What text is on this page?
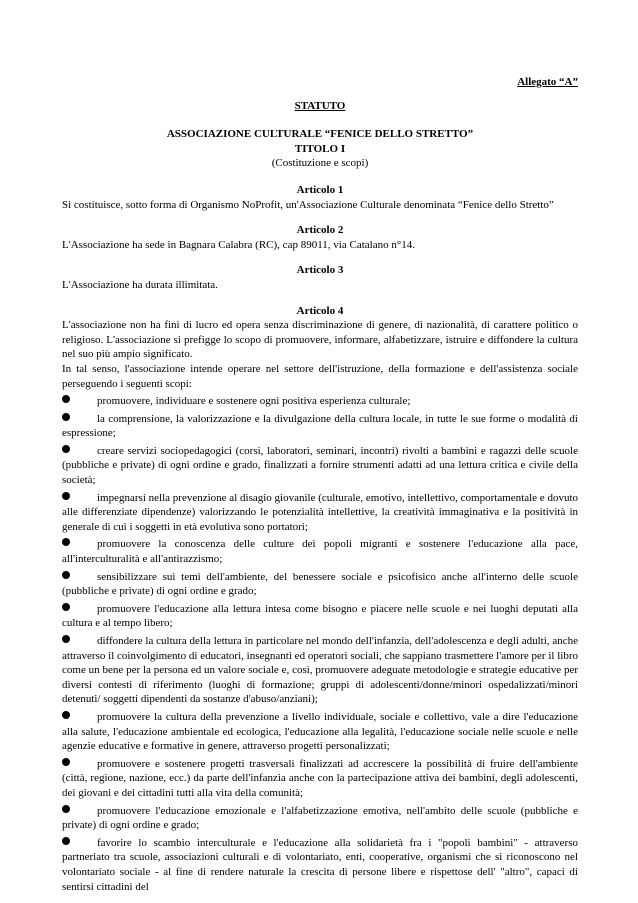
Allegato “A”

STATUTO

ASSOCIAZIONE CULTURALE “FENICE DELLO STRETTO”

TITOLO I

(Costituzione e scopi)

Articolo 1

Si costituisce, sotto forma di Organismo NoProfit, un'Associazione Culturale denominata “Fenice dello Stretto”

Articolo 2

L'Associazione ha sede in Bagnara Calabra (RC), cap 89011, via Catalano n°14.

Articolo 3

L'Associazione ha durata illimitata.

Articolo 4

L'associazione non ha fini di lucro ed opera senza discriminazione di genere, di nazionalità, di carattere politico o religioso. L'associazione si prefigge lo scopo di promuovere, informare, alfabetizzare, istruire e diffondere la cultura nel suo più ampio significato.

In tal senso, l'associazione intende operare nel settore dell'istruzione, della formazione e dell'assistenza sociale perseguendo i seguenti scopi:

promuovere, individuare e sostenere ogni positiva esperienza culturale;

la comprensione, la valorizzazione e la divulgazione della cultura locale, in tutte le sue forme o modalità di espressione;

creare servizi sociopedagogici (corsi, laboratori, seminari, incontri) rivolti a bambini e ragazzi delle scuole (pubbliche e private) di ogni ordine e grado, finalizzati a fornire strumenti adatti ad una lettura critica e civile della società;

impegnarsi nella prevenzione al disagio giovanile (culturale, emotivo, intellettivo, comportamentale e dovuto alle differenziate dipendenze) valorizzando le potenzialità intellettive, la creatività immaginativa e la positività in generale di cui i soggetti in età evolutiva sono portatori;

promuovere la conoscenza delle culture dei popoli migranti e sostenere l'educazione alla pace, all'interculturalità e all'antirazzismo;

sensibilizzare sui temi dell'ambiente, del benessere sociale e psicofisico anche all'interno delle scuole (pubbliche e private) di ogni ordine e grado;

promuovere l'educazione alla lettura intesa come bisogno e piacere nelle scuole e nei luoghi deputati alla cultura e al tempo libero;

diffondere la cultura della lettura in particolare nel mondo dell'infanzia, dell'adolescenza e degli adulti, anche attraverso il coinvolgimento di educatori, insegnanti ed operatori sociali, che sappiano trasmettere l'amore per il libro come un bene per la persona ed un valore sociale e, così, promuovere adeguate metodologie e strategie educative per diversi contesti di riferimento (luoghi di formazione; gruppi di adolescenti/donne/minori ospedalizzati/minori detenuti/ soggetti dipendenti da sostanze d'abuso/anziani);

promuovere la cultura della prevenzione a livello individuale, sociale e collettivo, vale a dire l'educazione alla salute, l'educazione ambientale ed ecologica, l'educazione alla legalità, l'educazione sociale nelle scuole e nelle agenzie educative e formative in genere, attraverso progetti personalizzati;

promuovere e sostenere progetti trasversali finalizzati ad accrescere la possibilità di fruire dell'ambiente (città, regione, nazione, ecc.) da parte dell'infanzia anche con la partecipazione attiva dei bambini, degli adolescenti, dei giovani e dei cittadini tutti alla vita della comunità;

promuovere l'educazione emozionale e l'alfabetizzazione emotiva, nell'ambito delle scuole (pubbliche e private) di ogni ordine e grado;

favorire lo scambio interculturale e l'educazione alla solidarietà fra i "popoli bambini" - attraverso partneriato tra scuole, associazioni culturali e di volontariato, enti, cooperative, organismi che si riconoscono nel volontariato sociale - al fine di rendere naturale la crescita di persone libere e rispettose dell' "altro", capaci di sentirsi cittadini del
